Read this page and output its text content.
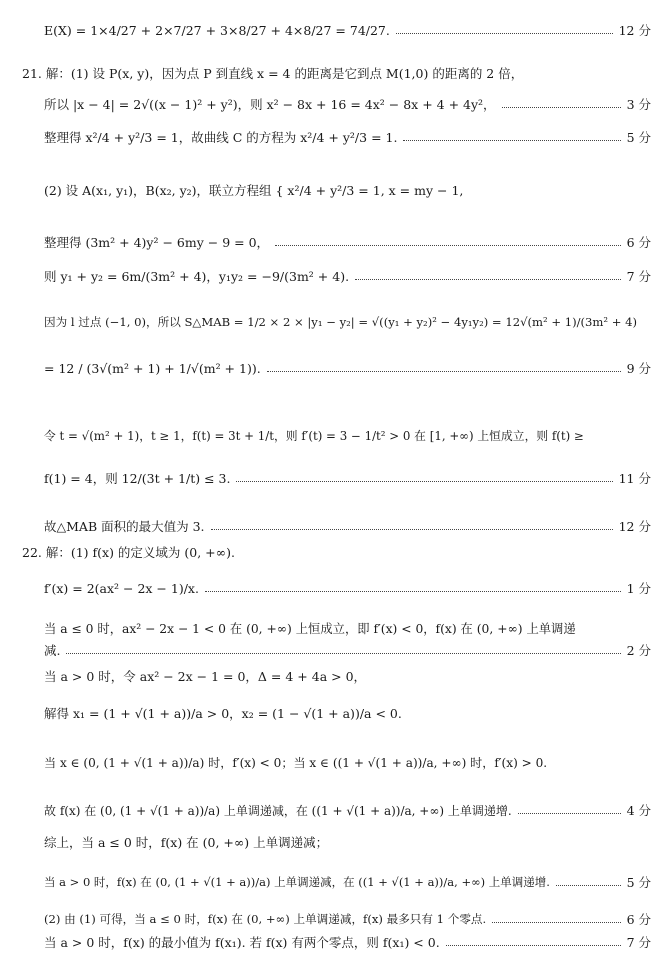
E(X) = 1×4/27 + 2×7/27 + 3×8/27 + 4×8/27 = 74/27.	12 分
21. 解：(1) 设 P(x, y)，因为点 P 到直线 x = 4 的距离是它到点 M(1,0) 的距离的 2 倍，
所以 |x − 4| = 2√((x − 1)² + y²)，则 x² − 8x + 16 = 4x² − 8x + 4 + 4y²，	3 分
整理得 x²/4 + y²/3 = 1，故曲线 C 的方程为 x²/4 + y²/3 = 1.	5 分
(2) 设 A(x₁, y₁)，B(x₂, y₂)，联立方程组 { x²/4 + y²/3 = 1, x = my − 1,
整理得 (3m² + 4)y² − 6my − 9 = 0，	6 分
则 y₁ + y₂ = 6m/(3m² + 4)，y₁y₂ = −9/(3m² + 4).	7 分
因为 l 过点 (−1, 0)，所以 S△MAB = 1/2 × 2 × |y₁ − y₂| = √((y₁ + y₂)² − 4y₁y₂) = 12√(m² + 1)/(3m² + 4)
= 12 / (3√(m² + 1) + 1/√(m² + 1)).	9 分
令 t = √(m² + 1)，t ≥ 1，f(t) = 3t + 1/t，则 f′(t) = 3 − 1/t² > 0 在 [1, +∞) 上恒成立，则 f(t) ≥
f(1) = 4，则 12/(3t + 1/t) ≤ 3.	11 分
故△MAB 面积的最大值为 3.	12 分
22. 解：(1) f(x) 的定义域为 (0, +∞).
f′(x) = 2(ax² − 2x − 1)/x.	1 分
当 a ≤ 0 时，ax² − 2x − 1 < 0 在 (0, +∞) 上恒成立，即 f′(x) < 0，f(x) 在 (0, +∞) 上单调递
减.	2 分
当 a > 0 时，令 ax² − 2x − 1 = 0，Δ = 4 + 4a > 0，
解得 x₁ = (1 + √(1 + a))/a > 0，x₂ = (1 − √(1 + a))/a < 0.
当 x ∈ (0, (1 + √(1 + a))/a) 时，f′(x) < 0；当 x ∈ ((1 + √(1 + a))/a, +∞) 时，f′(x) > 0.
故 f(x) 在 (0, (1 + √(1 + a))/a) 上单调递减，在 ((1 + √(1 + a))/a, +∞) 上单调递增.	4 分
综上，当 a ≤ 0 时，f(x) 在 (0, +∞) 上单调递减；
当 a > 0 时，f(x) 在 (0, (1 + √(1 + a))/a) 上单调递减，在 ((1 + √(1 + a))/a, +∞) 上单调递增.	5 分
(2) 由 (1) 可得，当 a ≤ 0 时，f(x) 在 (0, +∞) 上单调递减，f(x) 最多只有 1 个零点.	6 分
当 a > 0 时，f(x) 的最小值为 f(x₁). 若 f(x) 有两个零点，则 f(x₁) < 0.	7 分
